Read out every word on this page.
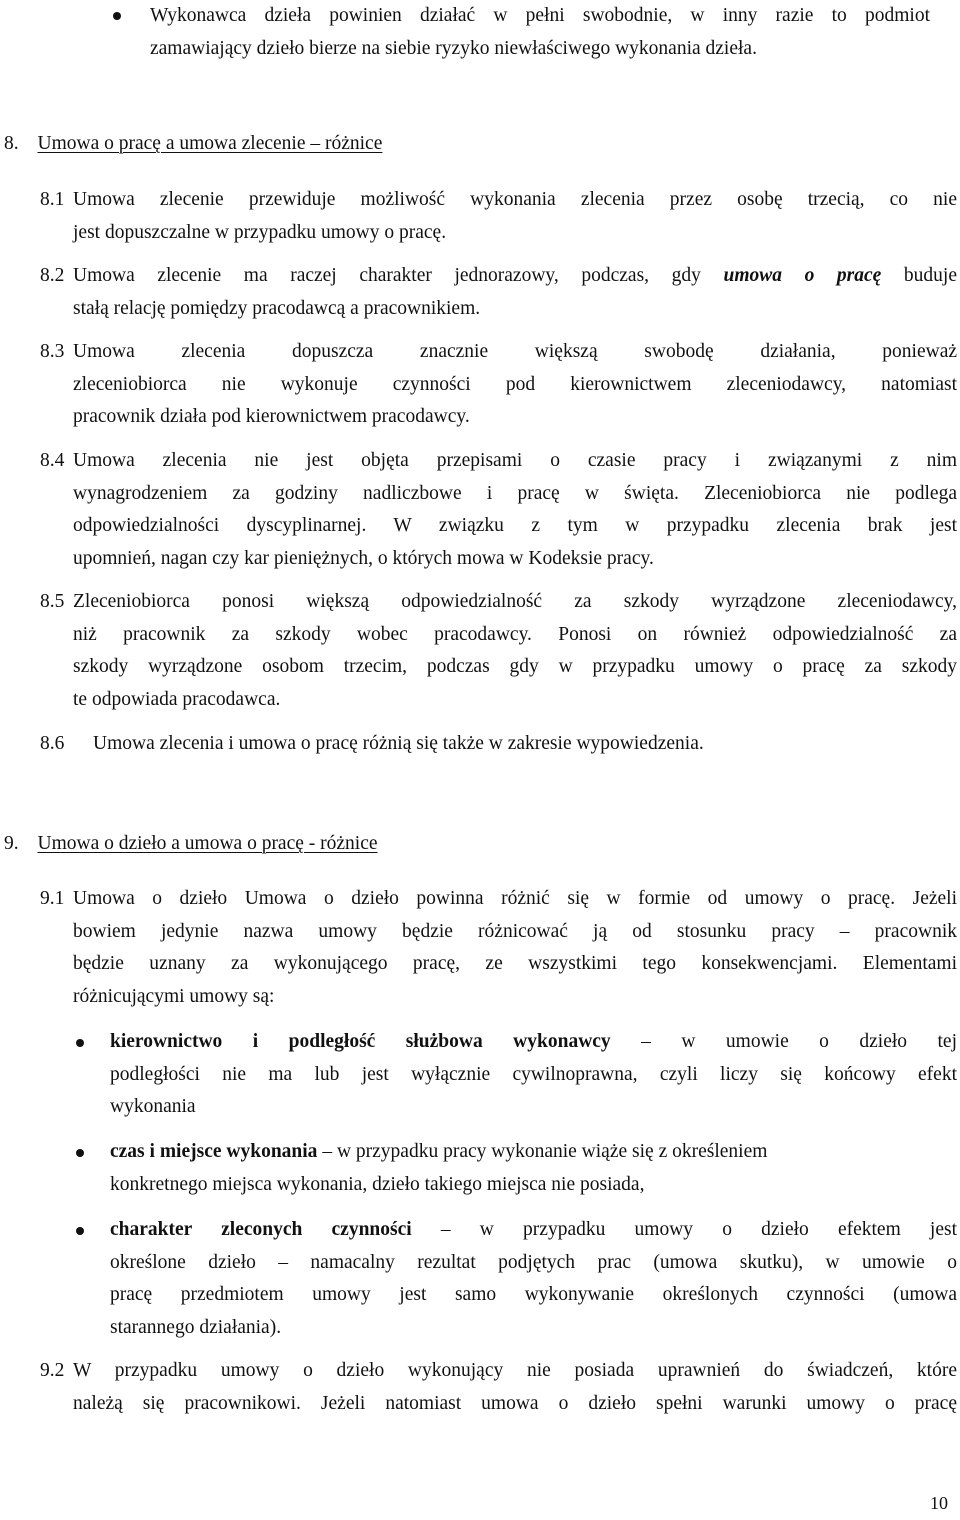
Wykonawca dzieła powinien działać w pełni swobodnie, w inny razie to podmiot
zamawiający dzieło bierze na siebie ryzyko niewłaściwego wykonania dzieła.
8. Umowa o pracę a umowa zlecenie – różnice
8.1 Umowa zlecenie przewiduje możliwość wykonania zlecenia przez osobę trzecią, co nie
jest dopuszczalne w przypadku umowy o pracę.
8.2 Umowa zlecenie ma raczej charakter jednorazowy, podczas, gdy umowa o pracę buduje
stałą relację pomiędzy pracodawcą a pracownikiem.
8.3 Umowa zlecenia dopuszcza znacznie większą swobodę działania, ponieważ
zleceniobiorca nie wykonuje czynności pod kierownictwem zleceniodawcy, natomiast
pracownik działa pod kierownictwem pracodawcy.
8.4 Umowa zlecenia nie jest objęta przepisami o czasie pracy i związanymi z nim
wynagrodzeniem za godziny nadliczbowe i pracę w święta. Zleceniobiorca nie podlega
odpowiedzialności dyscyplinarnej. W związku z tym w przypadku zlecenia brak jest
upomnień, nagan czy kar pieniężnych, o których mowa w Kodeksie pracy.
8.5 Zleceniobiorca ponosi większą odpowiedzialność za szkody wyrządzone zleceniodawcy,
niż pracownik za szkody wobec pracodawcy. Ponosi on również odpowiedzialność za
szkody wyrządzone osobom trzecim, podczas gdy w przypadku umowy o pracę za szkody
te odpowiada pracodawca.
8.6 Umowa zlecenia i umowa o pracę różnią się także w zakresie wypowiedzenia.
9. Umowa o dzieło a umowa o pracę - różnice
9.1 Umowa o dzieło Umowa o dzieło powinna różnić się w formie od umowy o pracę. Jeżeli
bowiem jedynie nazwa umowy będzie różnicować ją od stosunku pracy – pracownik
będzie uznany za wykonującego pracę, ze wszystkimi tego konsekwencjami. Elementami
różnicującymi umowy są:
kierownictwo i podległość służbowa wykonawcy – w umowie o dzieło tej
podległości nie ma lub jest wyłącznie cywilnoprawna, czyli liczy się końcowy efekt
wykonania
czas i miejsce wykonania – w przypadku pracy wykonanie wiąże się z określeniem
konkretnego miejsca wykonania, dzieło takiego miejsca nie posiada,
charakter zleconych czynności – w przypadku umowy o dzieło efektem jest
określone dzieło – namacalny rezultat podjętych prac (umowa skutku), w umowie o
pracę przedmiotem umowy jest samo wykonywanie określonych czynności (umowa
starannego działania).
9.2 W przypadku umowy o dzieło wykonujący nie posiada uprawnień do świadczeń, które
należą się pracownikowi. Jeżeli natomiast umowa o dzieło spełni warunki umowy o pracę
10
